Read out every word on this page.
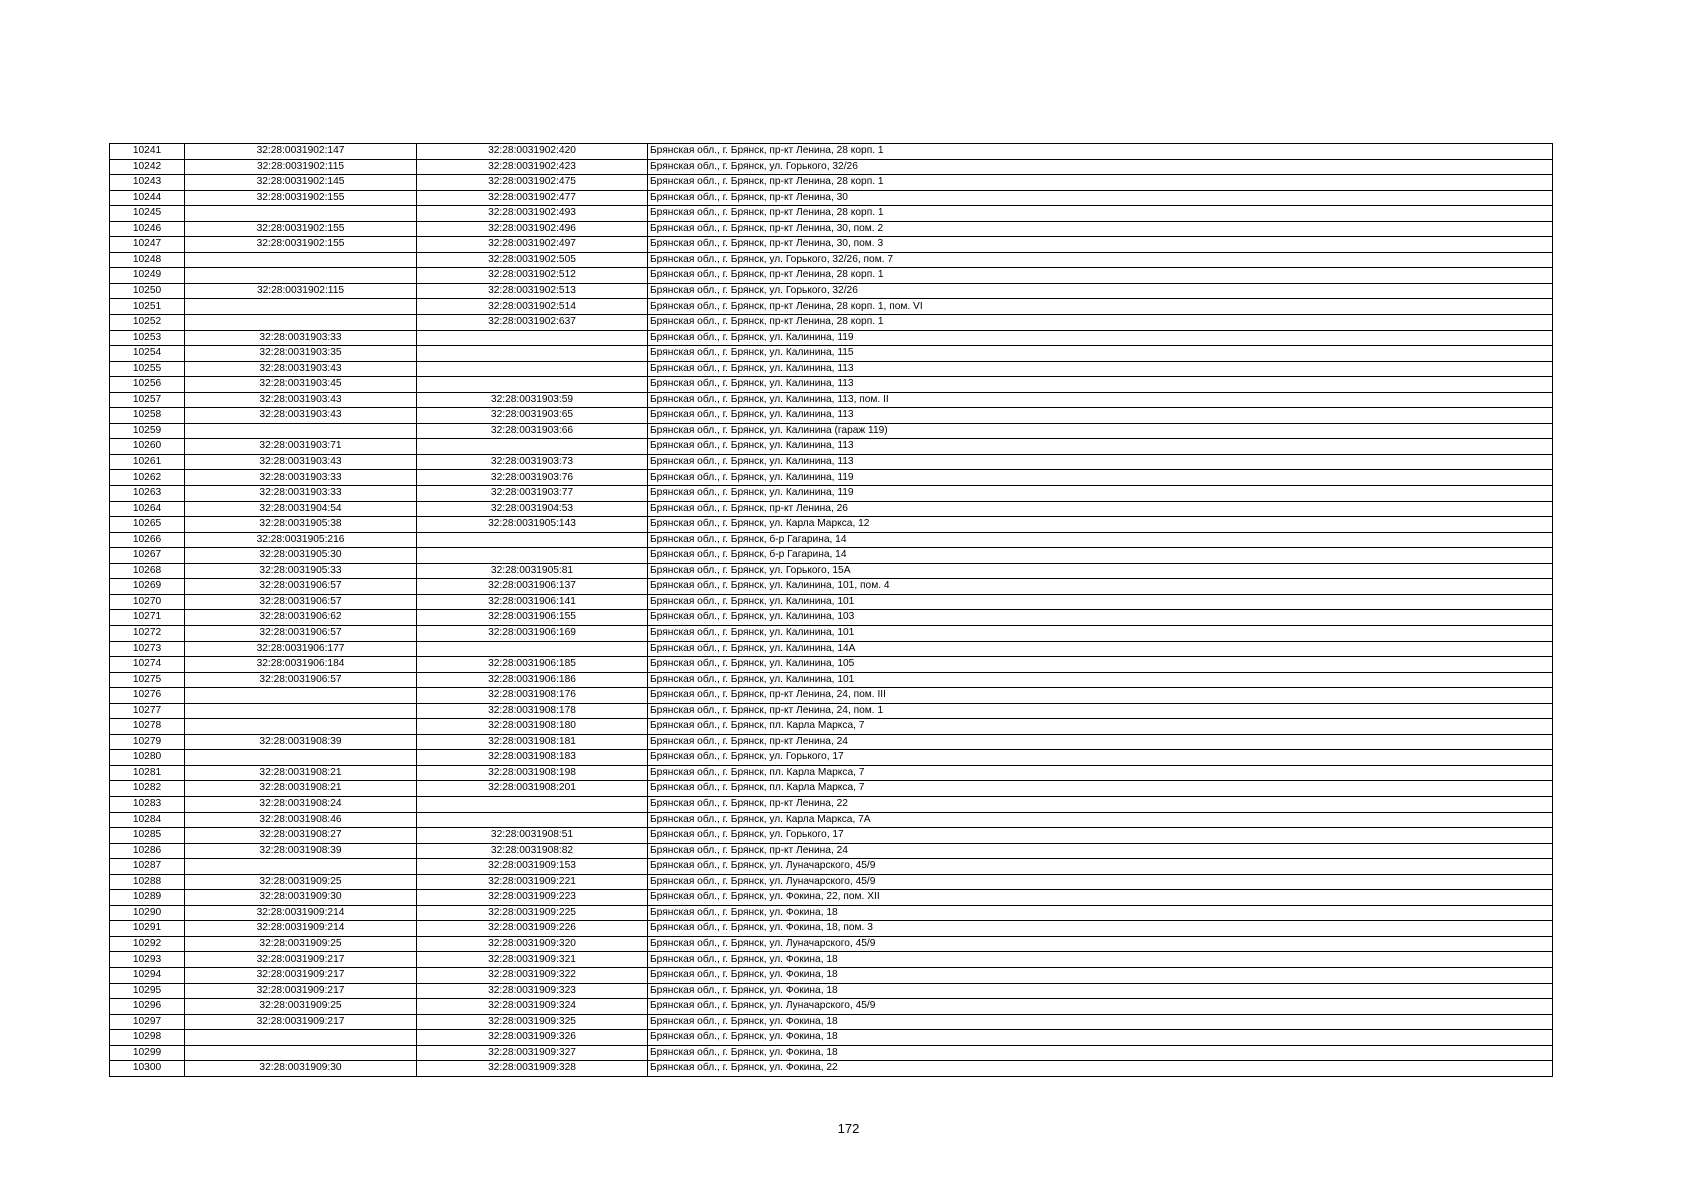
10241	32:28:0031902:147	32:28:0031902:420	Брянская обл., г. Брянск, пр-кт Ленина, 28 корп. 1
10242	32:28:0031902:115	32:28:0031902:423	Брянская обл., г. Брянск, ул. Горького, 32/26
10243	32:28:0031902:145	32:28:0031902:475	Брянская обл., г. Брянск, пр-кт Ленина, 28 корп. 1
10244	32:28:0031902:155	32:28:0031902:477	Брянская обл., г. Брянск, пр-кт Ленина, 30
10245		32:28:0031902:493	Брянская обл., г. Брянск, пр-кт Ленина, 28 корп. 1
10246	32:28:0031902:155	32:28:0031902:496	Брянская обл., г. Брянск, пр-кт Ленина, 30, пом. 2
10247	32:28:0031902:155	32:28:0031902:497	Брянская обл., г. Брянск, пр-кт Ленина, 30, пом. 3
10248		32:28:0031902:505	Брянская обл., г. Брянск, ул. Горького, 32/26, пом. 7
10249		32:28:0031902:512	Брянская обл., г. Брянск, пр-кт Ленина, 28 корп. 1
10250	32:28:0031902:115	32:28:0031902:513	Брянская обл., г. Брянск, ул. Горького, 32/26
10251		32:28:0031902:514	Брянская обл., г. Брянск, пр-кт Ленина, 28 корп. 1, пом. VI
10252		32:28:0031902:637	Брянская обл., г. Брянск, пр-кт Ленина, 28 корп. 1
10253	32:28:0031903:33		Брянская обл., г. Брянск, ул. Калинина, 119
10254	32:28:0031903:35		Брянская обл., г. Брянск, ул. Калинина, 115
10255	32:28:0031903:43		Брянская обл., г. Брянск, ул. Калинина, 113
10256	32:28:0031903:45		Брянская обл., г. Брянск, ул. Калинина, 113
10257	32:28:0031903:43	32:28:0031903:59	Брянская обл., г. Брянск, ул. Калинина, 113, пом. II
10258	32:28:0031903:43	32:28:0031903:65	Брянская обл., г. Брянск, ул. Калинина, 113
10259		32:28:0031903:66	Брянская обл., г. Брянск, ул. Калинина (гараж 119)
10260	32:28:0031903:71		Брянская обл., г. Брянск, ул. Калинина, 113
10261	32:28:0031903:43	32:28:0031903:73	Брянская обл., г. Брянск, ул. Калинина, 113
10262	32:28:0031903:33	32:28:0031903:76	Брянская обл., г. Брянск, ул. Калинина, 119
10263	32:28:0031903:33	32:28:0031903:77	Брянская обл., г. Брянск, ул. Калинина, 119
10264	32:28:0031904:54	32:28:0031904:53	Брянская обл., г. Брянск, пр-кт Ленина, 26
10265	32:28:0031905:38	32:28:0031905:143	Брянская обл., г. Брянск, ул. Карла Маркса, 12
10266	32:28:0031905:216		Брянская обл., г. Брянск, б-р Гагарина, 14
10267	32:28:0031905:30		Брянская обл., г. Брянск, б-р Гагарина, 14
10268	32:28:0031905:33	32:28:0031905:81	Брянская обл., г. Брянск, ул. Горького, 15А
10269	32:28:0031906:57	32:28:0031906:137	Брянская обл., г. Брянск, ул. Калинина, 101, пом. 4
10270	32:28:0031906:57	32:28:0031906:141	Брянская обл., г. Брянск, ул. Калинина, 101
10271	32:28:0031906:62	32:28:0031906:155	Брянская обл., г. Брянск, ул. Калинина, 103
10272	32:28:0031906:57	32:28:0031906:169	Брянская обл., г. Брянск, ул. Калинина, 101
10273	32:28:0031906:177		Брянская обл., г. Брянск, ул. Калинина, 14А
10274	32:28:0031906:184	32:28:0031906:185	Брянская обл., г. Брянск, ул. Калинина, 105
10275	32:28:0031906:57	32:28:0031906:186	Брянская обл., г. Брянск, ул. Калинина, 101
10276		32:28:0031908:176	Брянская обл., г. Брянск, пр-кт Ленина, 24, пом. III
10277		32:28:0031908:178	Брянская обл., г. Брянск, пр-кт Ленина, 24, пом. 1
10278		32:28:0031908:180	Брянская обл., г. Брянск, пл. Карла Маркса, 7
10279	32:28:0031908:39	32:28:0031908:181	Брянская обл., г. Брянск, пр-кт Ленина, 24
10280		32:28:0031908:183	Брянская обл., г. Брянск, ул. Горького, 17
10281	32:28:0031908:21	32:28:0031908:198	Брянская обл., г. Брянск, пл. Карла Маркса, 7
10282	32:28:0031908:21	32:28:0031908:201	Брянская обл., г. Брянск, пл. Карла Маркса, 7
10283	32:28:0031908:24		Брянская обл., г. Брянск, пр-кт Ленина, 22
10284	32:28:0031908:46		Брянская обл., г. Брянск, ул. Карла Маркса, 7А
10285	32:28:0031908:27	32:28:0031908:51	Брянская обл., г. Брянск, ул. Горького, 17
10286	32:28:0031908:39	32:28:0031908:82	Брянская обл., г. Брянск, пр-кт Ленина, 24
10287		32:28:0031909:153	Брянская обл., г. Брянск, ул. Луначарского, 45/9
10288	32:28:0031909:25	32:28:0031909:221	Брянская обл., г. Брянск, ул. Луначарского, 45/9
10289	32:28:0031909:30	32:28:0031909:223	Брянская обл., г. Брянск, ул. Фокина, 22, пом. XII
10290	32:28:0031909:214	32:28:0031909:225	Брянская обл., г. Брянск, ул. Фокина, 18
10291	32:28:0031909:214	32:28:0031909:226	Брянская обл., г. Брянск, ул. Фокина, 18, пом. 3
10292	32:28:0031909:25	32:28:0031909:320	Брянская обл., г. Брянск, ул. Луначарского, 45/9
10293	32:28:0031909:217	32:28:0031909:321	Брянская обл., г. Брянск, ул. Фокина, 18
10294	32:28:0031909:217	32:28:0031909:322	Брянская обл., г. Брянск, ул. Фокина, 18
10295	32:28:0031909:217	32:28:0031909:323	Брянская обл., г. Брянск, ул. Фокина, 18
10296	32:28:0031909:25	32:28:0031909:324	Брянская обл., г. Брянск, ул. Луначарского, 45/9
10297	32:28:0031909:217	32:28:0031909:325	Брянская обл., г. Брянск, ул. Фокина, 18
10298		32:28:0031909:326	Брянская обл., г. Брянск, ул. Фокина, 18
10299		32:28:0031909:327	Брянская обл., г. Брянск, ул. Фокина, 18
10300	32:28:0031909:30	32:28:0031909:328	Брянская обл., г. Брянск, ул. Фокина, 22
172
